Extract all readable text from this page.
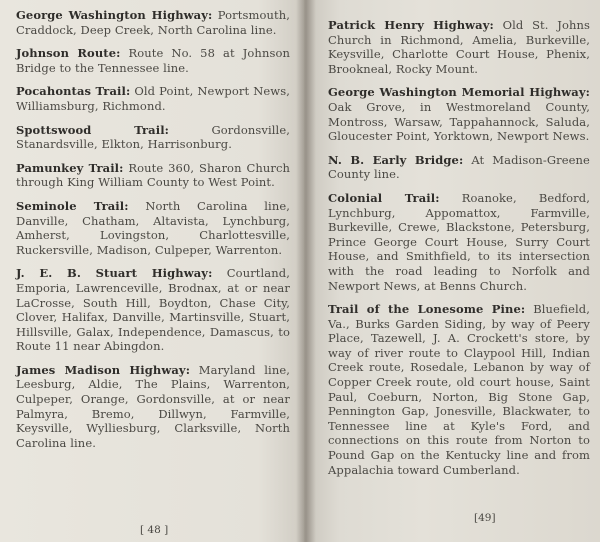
George Washington Highway: Portsmouth, Craddock, Deep Creek, North Carolina line.
Johnson Route: Route No. 58 at Johnson Bridge to the Tennessee line.
Pocahontas Trail: Old Point, Newport News, Williamsburg, Richmond.
Spottswood Trail:	Gordonsville, Stanardsville, Elkton, Harrisonburg.
Pamunkey Trail: Route 360, Sharon Church through King William County to West Point.
Seminole Trail: North Carolina line, Danville, Chatham, Altavista, Lynchburg, Amherst, Lovingston, Charlottesville, Ruckersville, Madison, Culpeper, Warrenton.
J. E. B. Stuart Highway: Courtland, Emporia, Lawrenceville, Brodnax, at or near LaCrosse, South Hill, Boydton, Chase City, Clover, Halifax, Danville, Martinsville, Stuart, Hillsville, Galax, Independence, Damascus, to Route 11 near Abingdon.
James Madison Highway: Maryland line, Leesburg, Aldie, The Plains, Warrenton, Culpeper, Orange, Gordonsville, at or near Palmyra, Bremo, Dillwyn, Farmville, Keysville, Wylliesburg, Clarksville, North Carolina line.
[ 48 ]
Patrick Henry Highway: Old St. Johns Church in Richmond, Amelia, Burkeville, Keysville, Charlotte Court House, Phenix, Brookneal, Rocky Mount.
George Washington Memorial Highway: Oak Grove, in Westmoreland County, Montross, Warsaw, Tappahannock, Saluda, Gloucester Point, Yorktown, Newport News.
N. B. Early Bridge: At Madison-Greene County line.
Colonial Trail: Roanoke, Bedford, Lynchburg, Appomattox, Farmville, Burkeville, Crewe, Blackstone, Petersburg, Prince George Court House, Surry Court House, and Smithfield, to its intersection with the road leading to Norfolk and Newport News, at Benns Church.
Trail of the Lonesome Pine: Bluefield, Va., Burks Garden Siding, by way of Peery Place, Tazewell, J. A. Crockett's store, by way of river route to Claypool Hill, Indian Creek route, Rosedale, Lebanon by way of Copper Creek route, old court house, Saint Paul, Coeburn, Norton, Big Stone Gap, Pennington Gap, Jonesville, Blackwater, to Tennessee line at Kyle's Ford, and connections on this route from Norton to Pound Gap on the Kentucky line and from Appalachia toward Cumberland.
[49]
